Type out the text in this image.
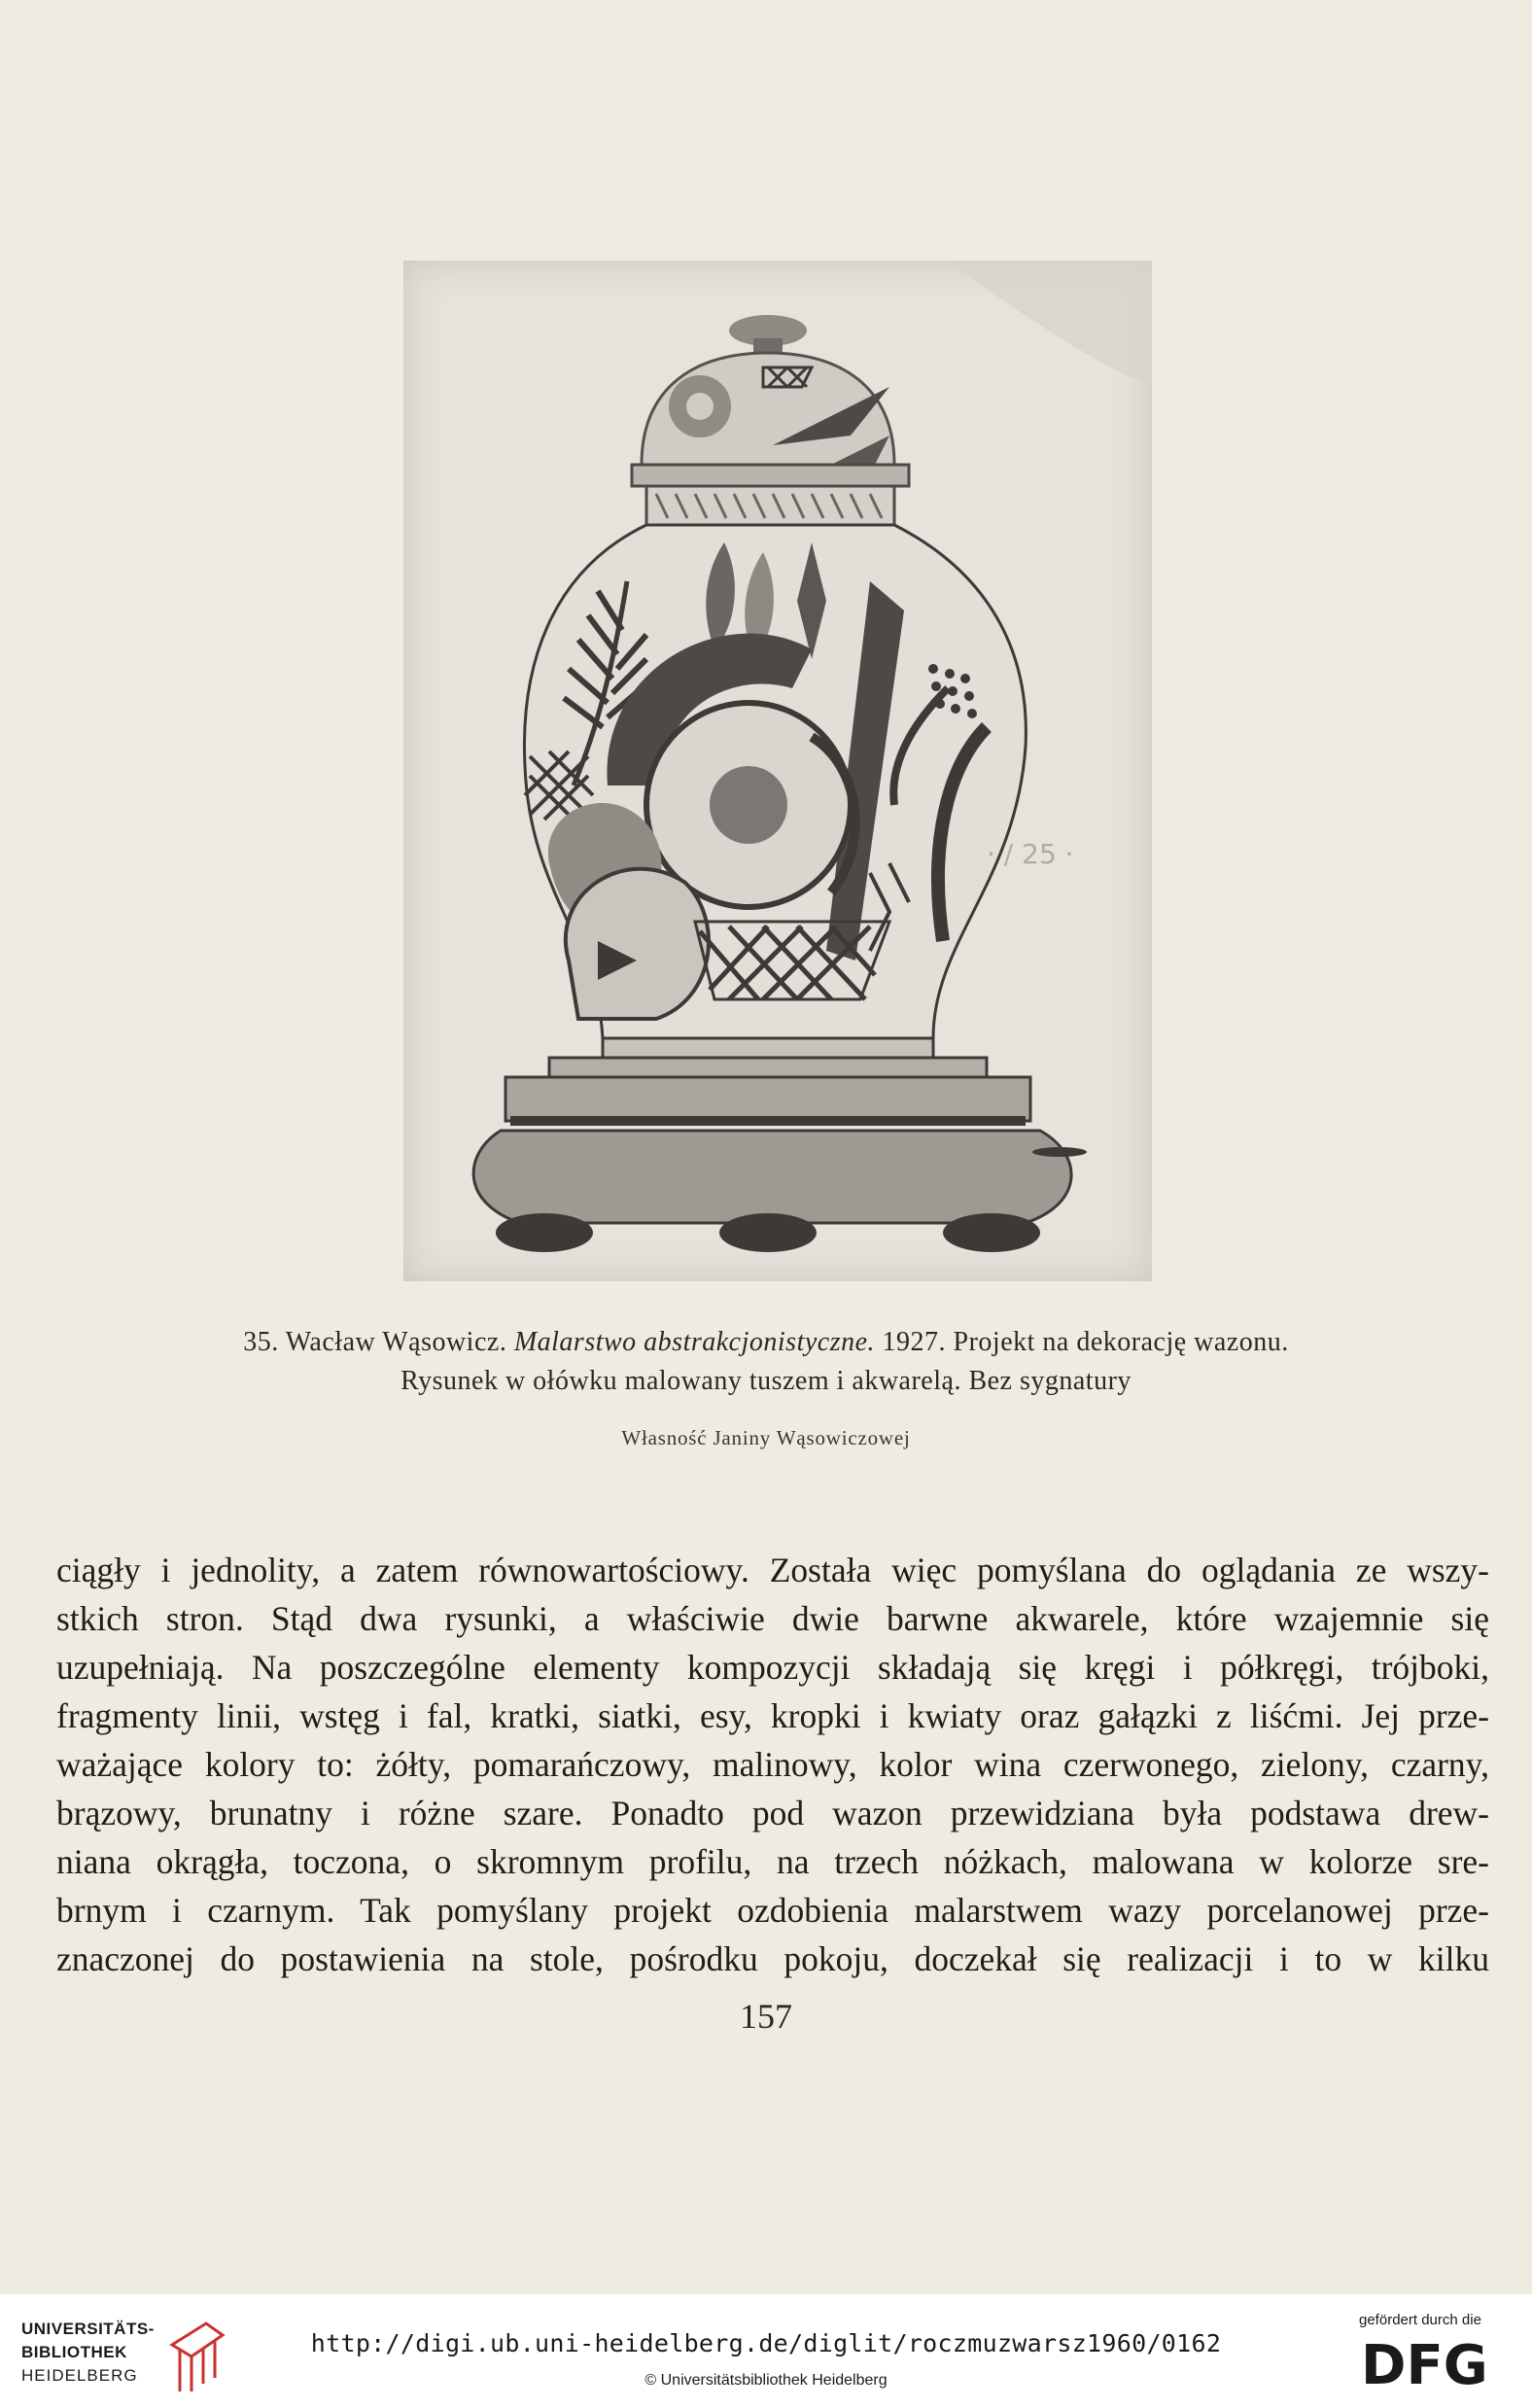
· / 25 ·
35. Wacław Wąsowicz. Malarstwo abstrakcjonistyczne. 1927. Projekt na dekorację wazonu.
Rysunek w ołówku malowany tuszem i akwarelą. Bez sygnatury
Własność Janiny Wąsowiczowej
ciągły i jednolity, a zatem równowartościowy. Została więc pomyślana do oglądania ze wszy-
stkich stron. Stąd dwa rysunki, a właściwie dwie barwne akwarele, które wzajemnie się
uzupełniają. Na poszczególne elementy kompozycji składają się kręgi i półkręgi, trójboki,
fragmenty linii, wstęg i fal, kratki, siatki, esy, kropki i kwiaty oraz gałązki z liśćmi. Jej prze-
ważające kolory to: żółty, pomarańczowy, malinowy, kolor wina czerwonego, zielony, czarny,
brązowy, brunatny i różne szare. Ponadto pod wazon przewidziana była podstawa drew-
niana okrągła, toczona, o skromnym profilu, na trzech nóżkach, malowana w kolorze sre-
brnym i czarnym. Tak pomyślany projekt ozdobienia malarstwem wazy porcelanowej prze-
znaczonej do postawienia na stole, pośrodku pokoju, doczekał się realizacji i to w kilku
157
UNIVERSITÄTS-
BIBLIOTHEK
HEIDELBERG
http://digi.ub.uni-heidelberg.de/diglit/roczmuzwarsz1960/0162
© Universitätsbibliothek Heidelberg
gefördert durch die
DFG
